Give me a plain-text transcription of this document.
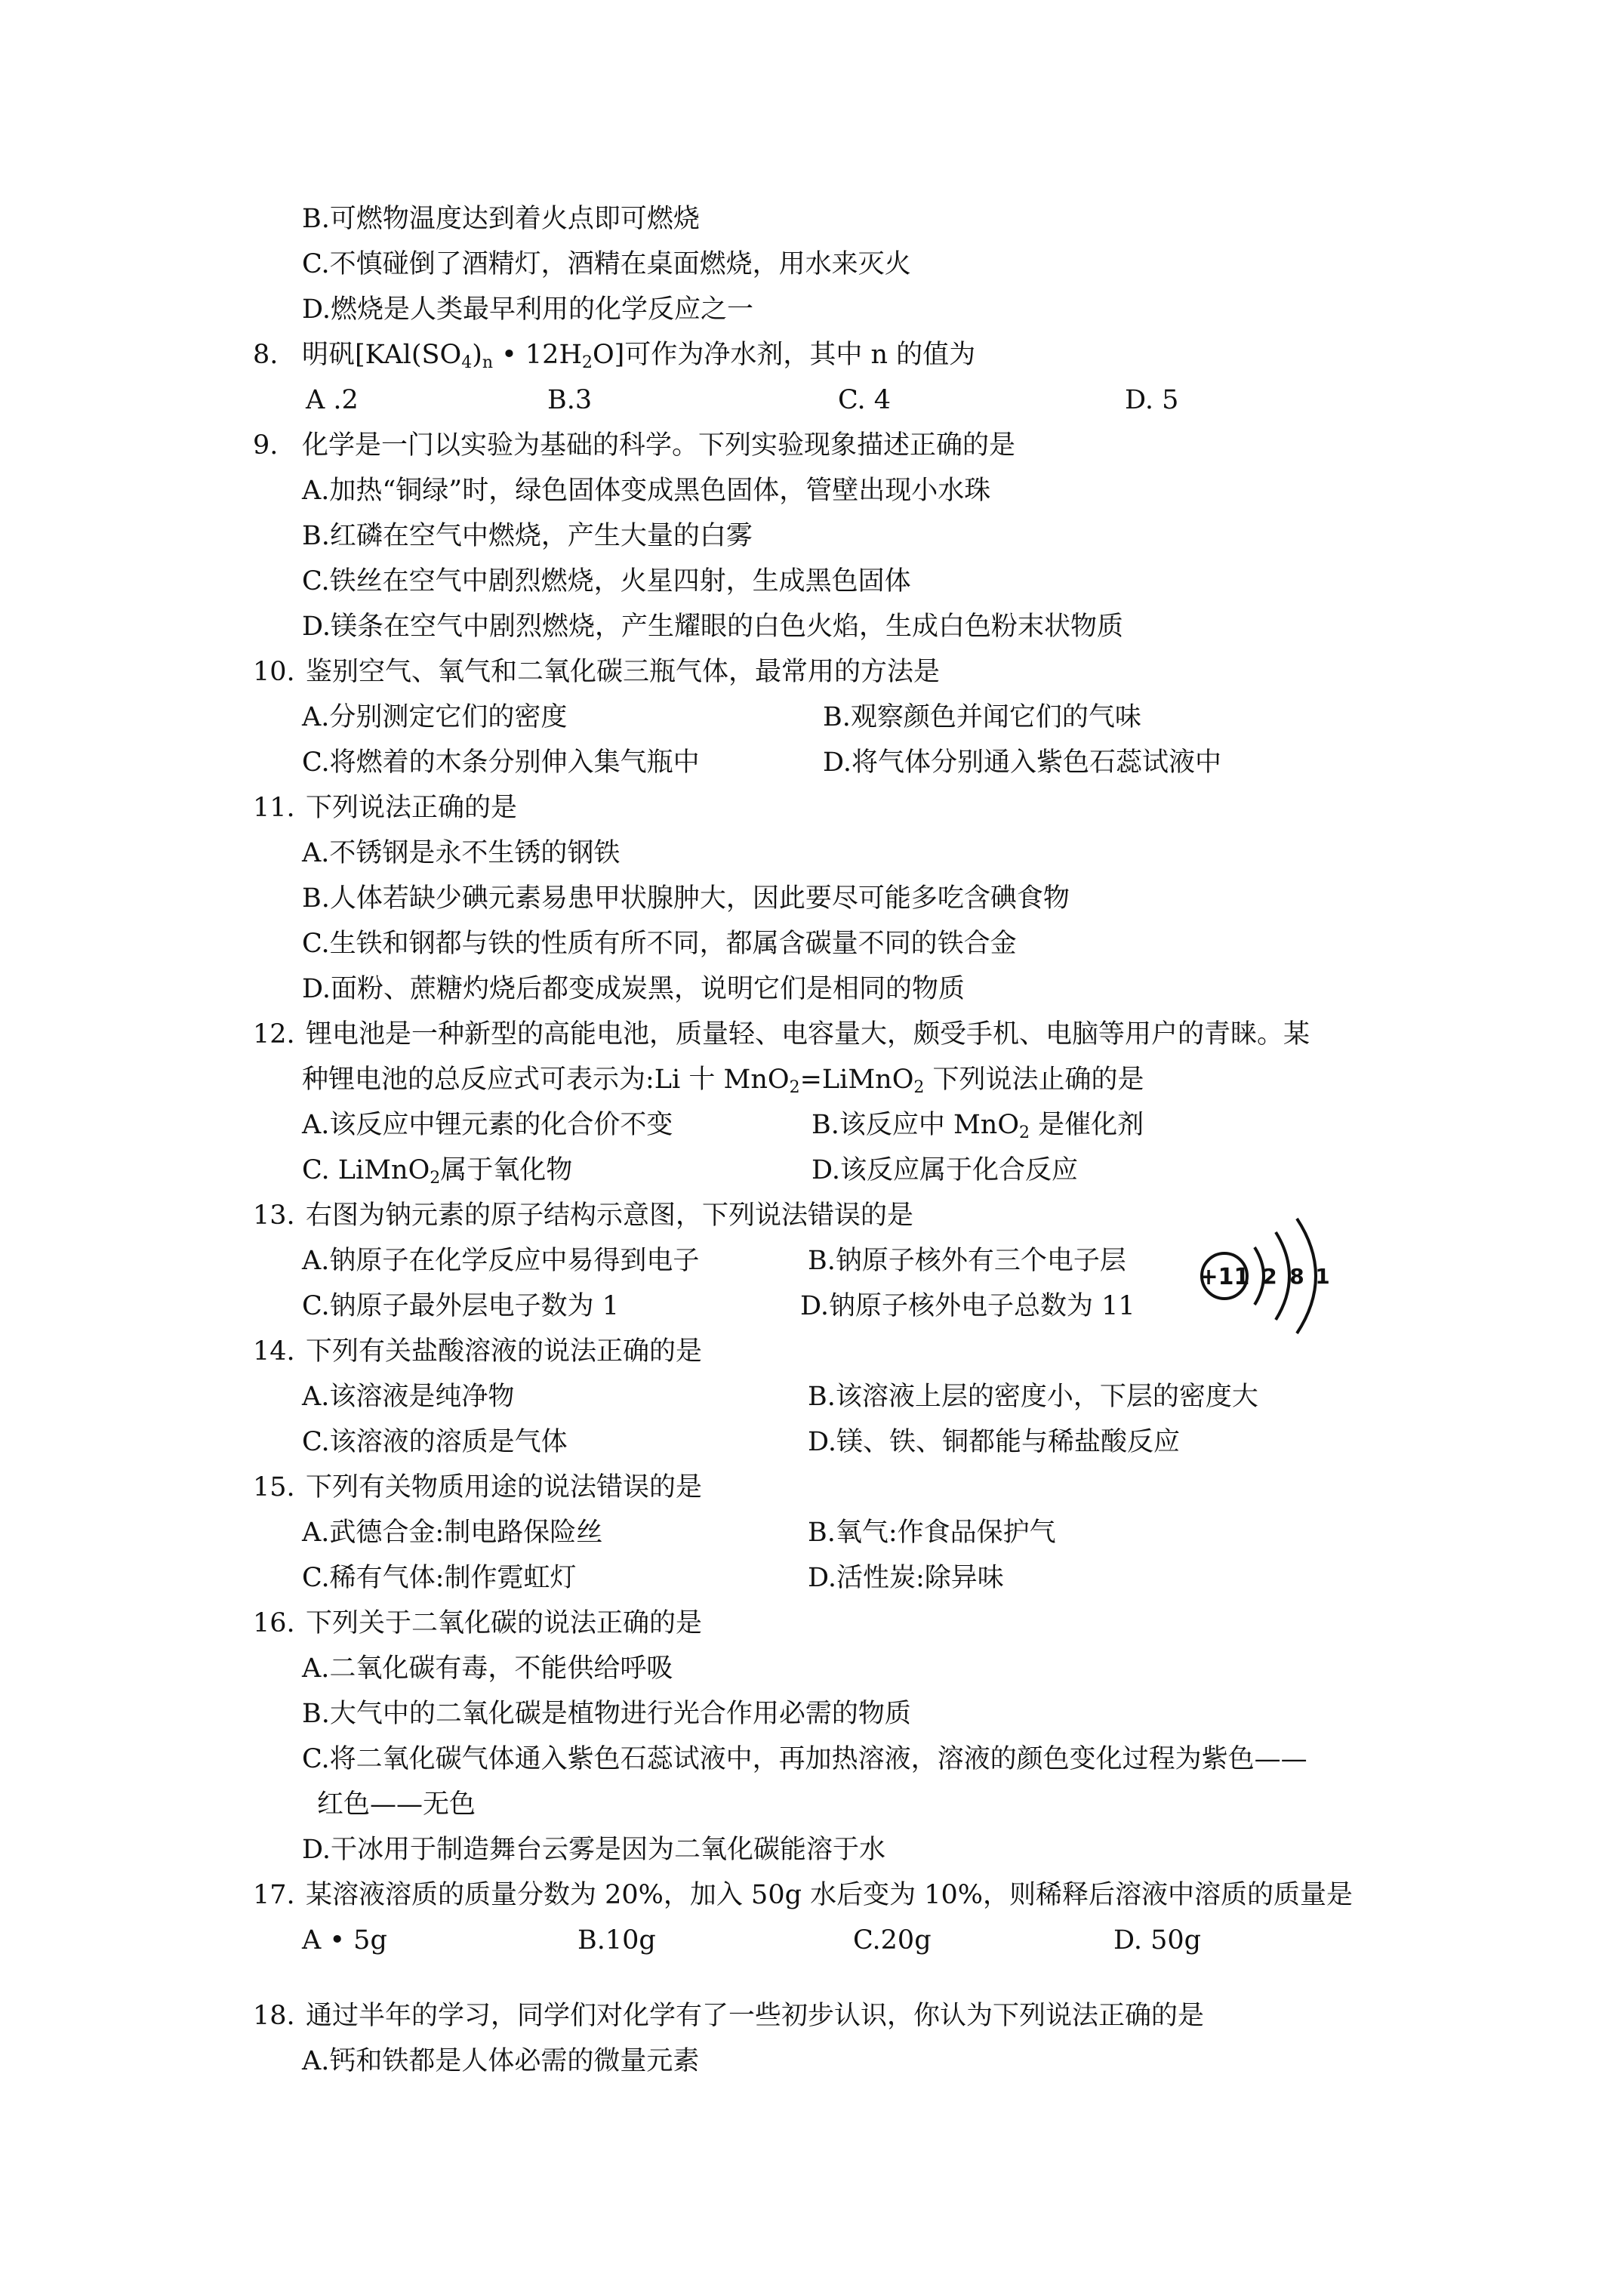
B.可燃物温度达到着火点即可燃烧
C.不慎碰倒了酒精灯，酒精在桌面燃烧，用水来灭火
D.燃烧是人类最早利用的化学反应之一
8. 明矾[$KAl(SO_4)_n$ • $12H_2O$]可作为净水剂，其中 n 的值为
A .2	B.3	C. 4	D. 5
9. 化学是一门以实验为基础的科学。下列实验现象描述正确的是
A.加热“铜绿”时，绿色固体变成黑色固体，管壁出现小水珠
B.红磷在空气中燃烧，产生大量的白雾
C.铁丝在空气中剧烈燃烧，火星四射，生成黑色固体
D.镁条在空气中剧烈燃烧，产生耀眼的白色火焰，生成白色粉末状物质
10. 鉴别空气、氧气和二氧化碳三瓶气体，最常用的方法是
A.分别测定它们的密度	B.观察颜色并闻它们的气味
C.将燃着的木条分别伸入集气瓶中	D.将气体分别通入紫色石蕊试液中
11. 下列说法正确的是
A.不锈钢是永不生锈的钢铁
B.人体若缺少碘元素易患甲状腺肿大，因此要尽可能多吃含碘食物
C.生铁和钢都与铁的性质有所不同，都属含碳量不同的铁合金
D.面粉、蔗糖灼烧后都变成炭黑，说明它们是相同的物质
12. 锂电池是一种新型的高能电池，质量轻、电容量大，颇受手机、电脑等用户的青睐。某
种锂电池的总反应式可表示为:Li 十 MnO$_2$=LiMnO$_2$ 下列说法止确的是
A.该反应中锂元素的化合价不变	B.该反应中 MnO$_2$ 是催化剂
C. LiMnO$_2$属于氧化物	D.该反应属于化合反应
13. 右图为钠元素的原子结构示意图，下列说法错误的是
A.钠原子在化学反应中易得到电子	B.钠原子核外有三个电子层
C.钠原子最外层电子数为 1	D.钠原子核外电子总数为 11
+11 2 8 1
14. 下列有关盐酸溶液的说法正确的是
A.该溶液是纯净物	B.该溶液上层的密度小，下层的密度大
C.该溶液的溶质是气体	D.镁、铁、铜都能与稀盐酸反应
15. 下列有关物质用途的说法错误的是
A.武德合金:制电路保险丝	B.氧气:作食品保护气
C.稀有气体:制作霓虹灯	D.活性炭:除异味
16. 下列关于二氧化碳的说法正确的是
A.二氧化碳有毒，不能供给呼吸
B.大气中的二氧化碳是植物进行光合作用必需的物质
C.将二氧化碳气体通入紫色石蕊试液中，再加热溶液，溶液的颜色变化过程为紫色——
红色——无色
D.干冰用于制造舞台云雾是因为二氧化碳能溶于水
17. 某溶液溶质的质量分数为 20%，加入 50g 水后变为 10%，则稀释后溶液中溶质的质量是
A • 5g	B.10g	C.20g	D. 50g
18. 通过半年的学习，同学们对化学有了一些初步认识，你认为下列说法正确的是
A.钙和铁都是人体必需的微量元素
